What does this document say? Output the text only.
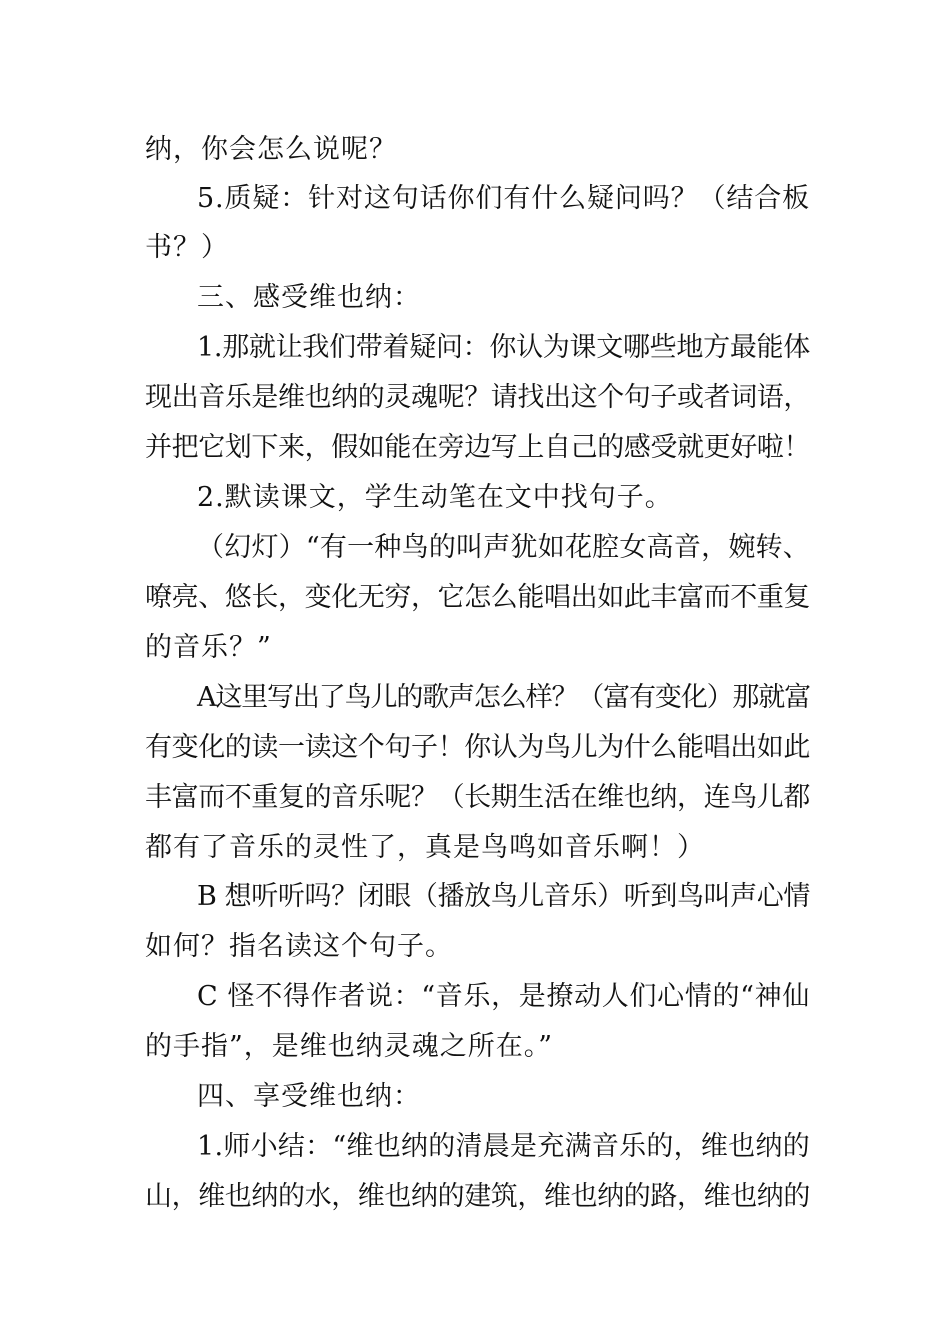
纳，你会怎么说呢？
5.质疑：针对这句话你们有什么疑问吗？（结合板
书？）
三、感受维也纳：
1.那就让我们带着疑问：你认为课文哪些地方最能体
现出音乐是维也纳的灵魂呢？请找出这个句子或者词语，
并把它划下来，假如能在旁边写上自己的感受就更好啦！
2.默读课文，学生动笔在文中找句子。
（幻灯）“有一种鸟的叫声犹如花腔女高音，婉转、
嘹亮、悠长，变化无穷，它怎么能唱出如此丰富而不重复
的音乐？”
A这里写出了鸟儿的歌声怎么样？（富有变化）那就富
有变化的读一读这个句子！你认为鸟儿为什么能唱出如此
丰富而不重复的音乐呢？（长期生活在维也纳，连鸟儿都
都有了音乐的灵性了，真是鸟鸣如音乐啊！）
B 想听听吗？闭眼（播放鸟儿音乐）听到鸟叫声心情
如何？指名读这个句子。
C 怪不得作者说：“音乐，是撩动人们心情的“神仙
的手指”，是维也纳灵魂之所在。”
四、享受维也纳：
1.师小结：“维也纳的清晨是充满音乐的，维也纳的
山，维也纳的水，维也纳的建筑，维也纳的路，维也纳的
